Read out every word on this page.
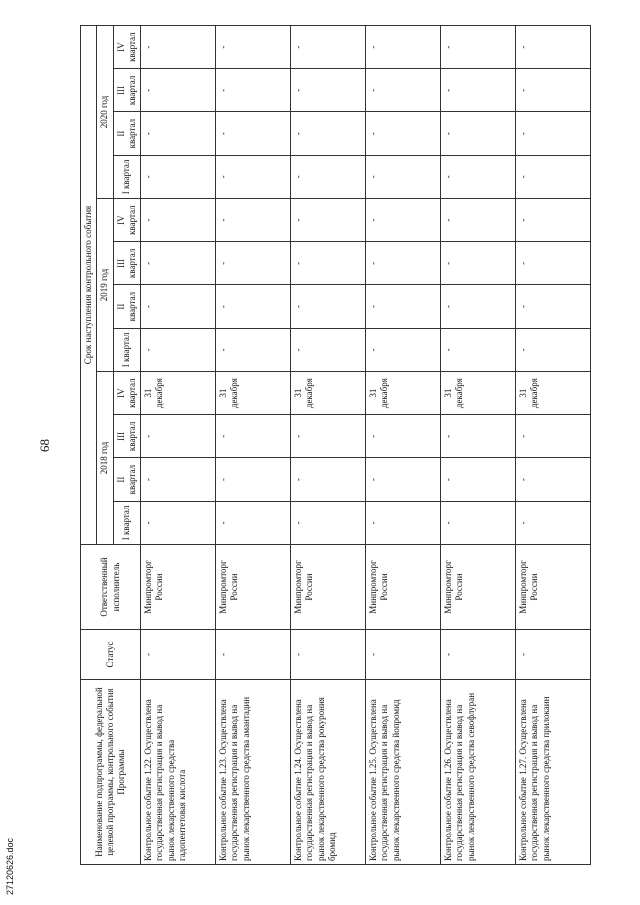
68
27120626.doc
Наименование подпрограммы, федеральной целевой программы, контрольного события Программы	Статус	Ответственный исполнитель	Срок наступления контрольного события											
			2018 год				2019 год				2020 год			
			I квартал	II квартал	III квартал	IV квартал	I квартал	II квартал	III квартал	IV квартал	I квартал	II квартал	III квартал	IV квартал
Контрольное событие 1.22. Осуществлена государственная регистрация и вывод на рынок лекарственного средства гадопентетовая кислота	-	Минпромторг России	-	-	-	31 декабря	-	-	-	-	-	-	-	-
Контрольное событие 1.23. Осуществлена государственная регистрация и вывод на рынок лекарственного средства амантадин	-	Минпромторг России	-	-	-	31 декабря	-	-	-	-	-	-	-	-
Контрольное событие 1.24. Осуществлена государственная регистрация и вывод на рынок лекарственного средства рокурония бромид	-	Минпромторг России	-	-	-	31 декабря	-	-	-	-	-	-	-	-
Контрольное событие 1.25. Осуществлена государственная регистрация и вывод на рынок лекарственного средства йопромид	-	Минпромторг России	-	-	-	31 декабря	-	-	-	-	-	-	-	-
Контрольное событие 1.26. Осуществлена государственная регистрация и вывод на рынок лекарственного средства севофлуран	-	Минпромторг России	-	-	-	31 декабря	-	-	-	-	-	-	-	-
Контрольное событие 1.27. Осуществлена государственная регистрация и вывод на рынок лекарственного средства прилокаин	-	Минпромторг России	-	-	-	31 декабря	-	-	-	-	-	-	-	-
